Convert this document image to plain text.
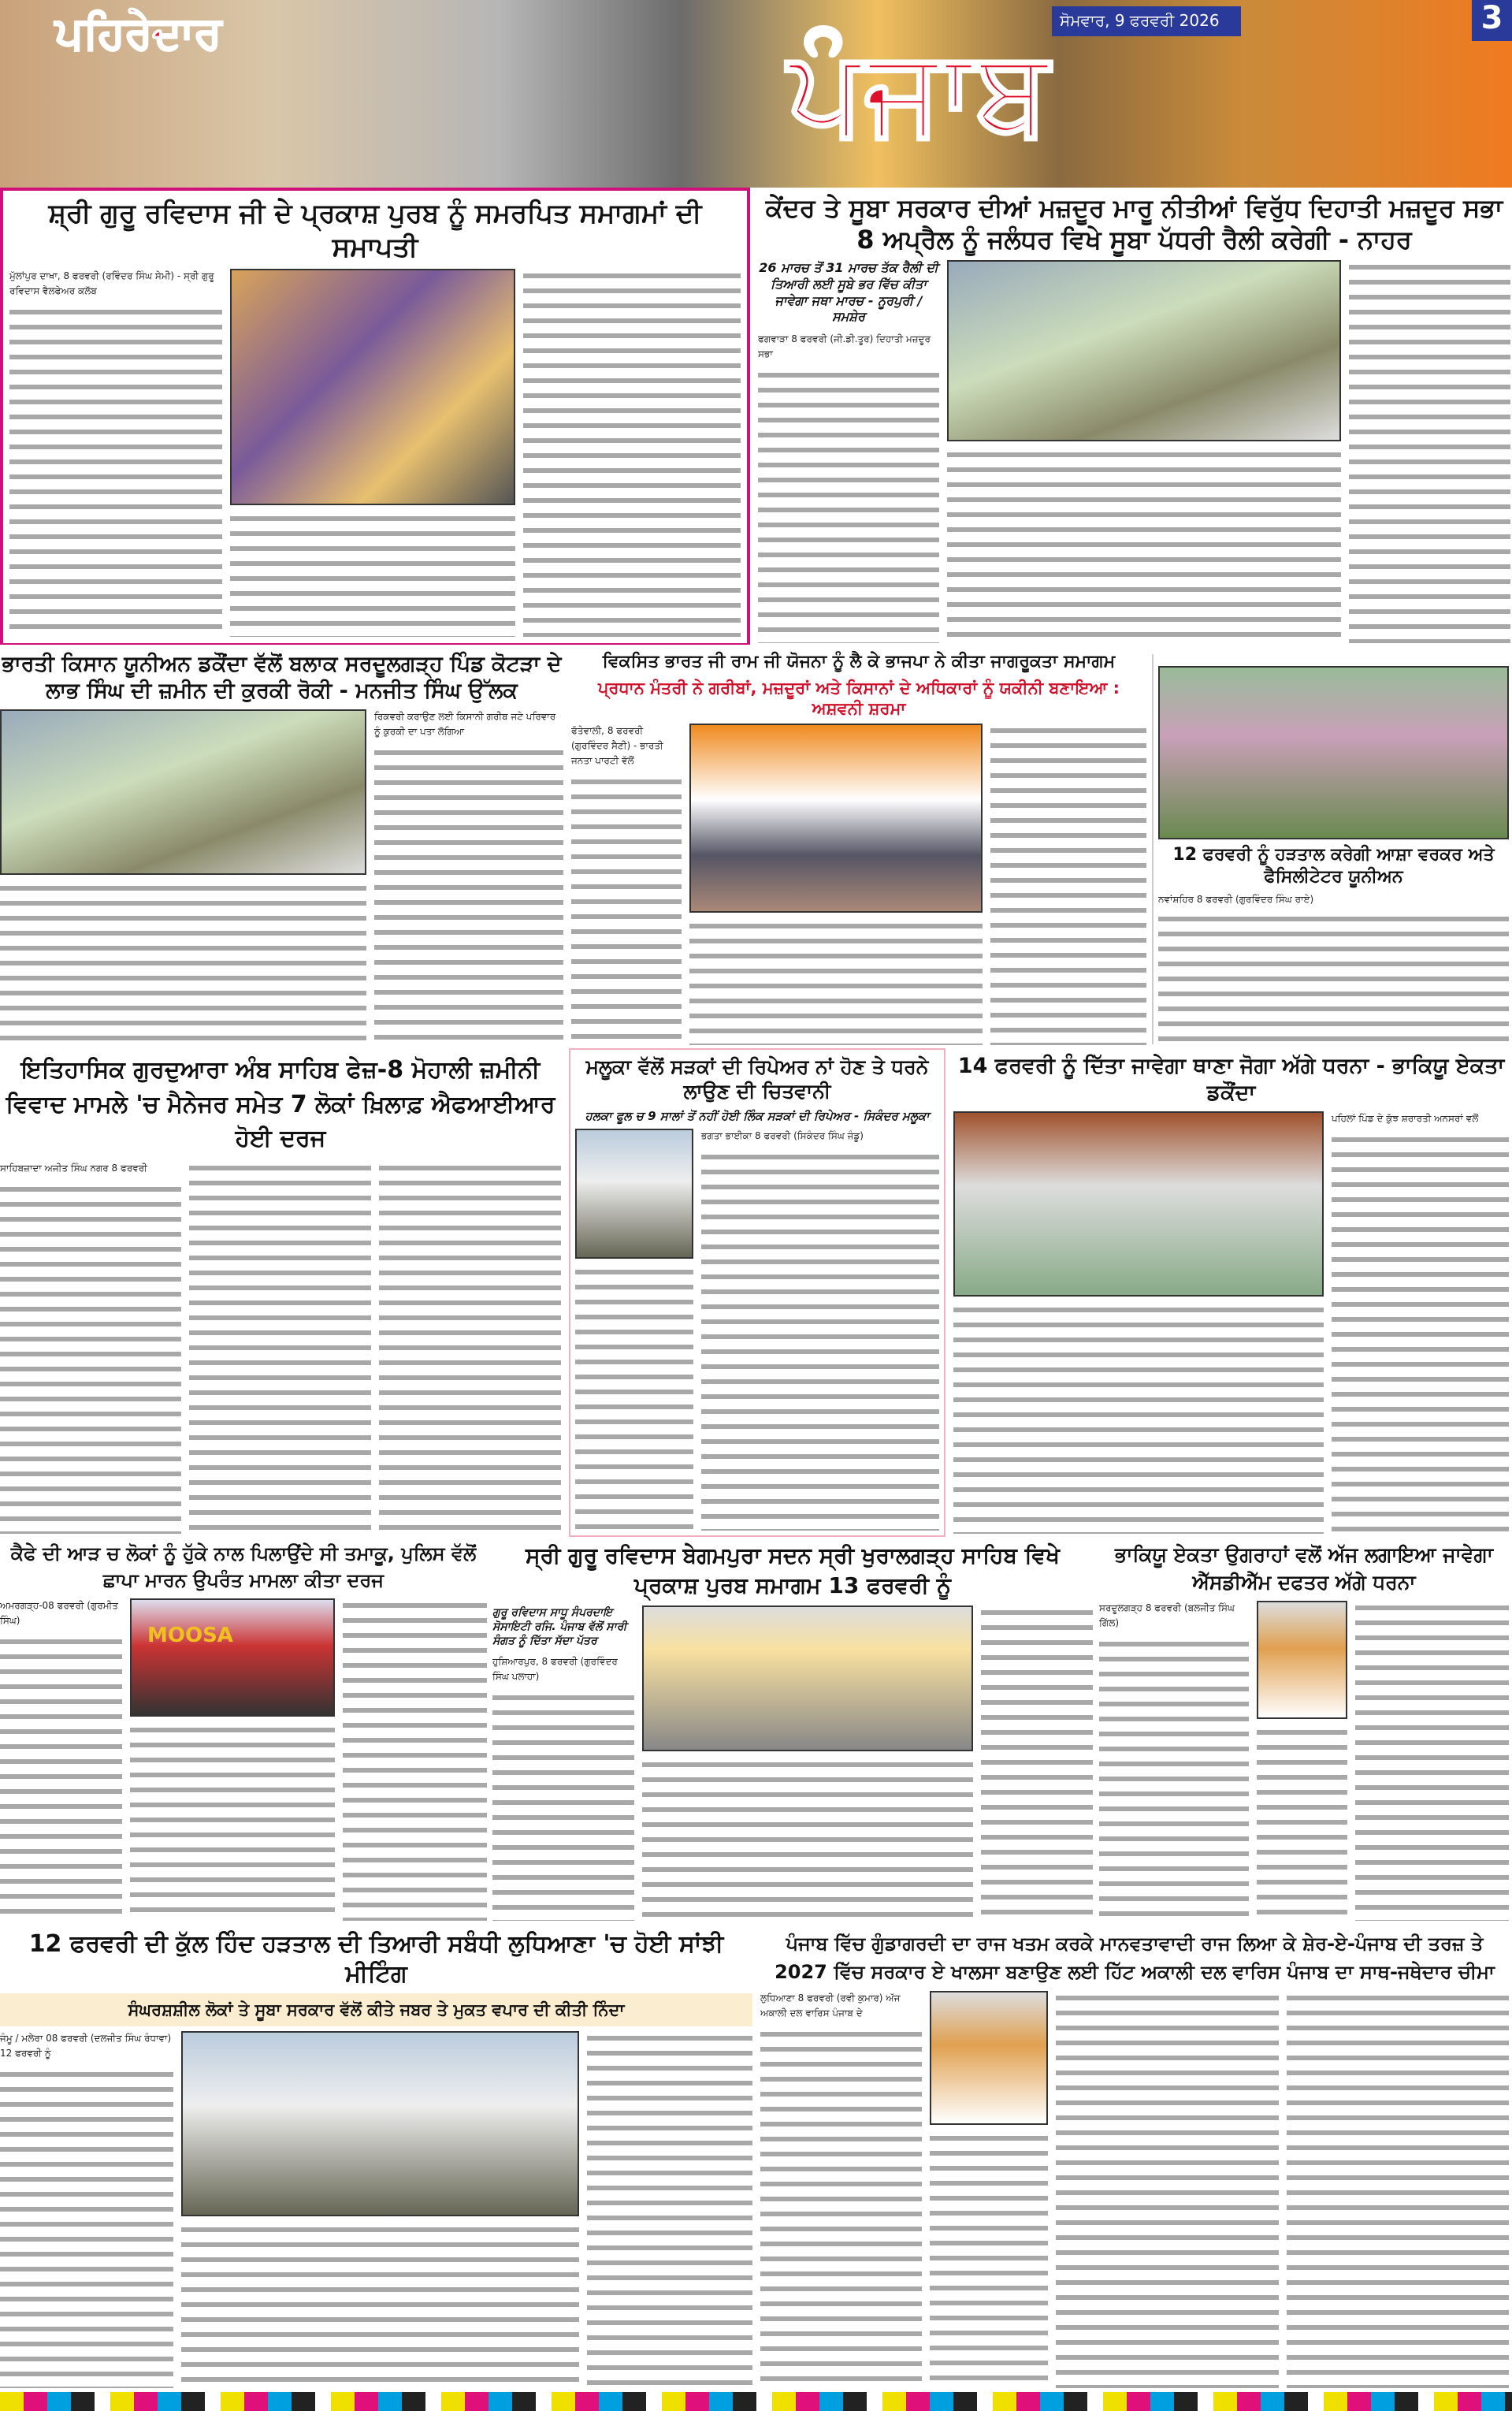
ਪਹਿਰੇਦਾਰ	ਪੰਜਾਬ
ਸੋਮਵਾਰ, 9 ਫਰਵਰੀ 2026	3
ਸ਼੍ਰੀ ਗੁਰੂ ਰਵਿਦਾਸ ਜੀ ਦੇ ਪ੍ਰਕਾਸ਼ ਪੁਰਬ ਨੂੰ ਸਮਰਪਿਤ ਸਮਾਗਮਾਂ ਦੀ ਸਮਾਪਤੀ
ਮੁੱਲਾਂਪੁਰ ਦਾਖਾ, 8 ਫਰਵਰੀ (ਰਵਿੰਦਰ ਸਿੰਘ ਸੇਮੀ) - ਸ੍ਰੀ ਗੁਰੂ ਰਵਿਦਾਸ ਵੈਲਫੇਅਰ ਕਲੱਬ
ਕੇਂਦਰ ਤੇ ਸੂਬਾ ਸਰਕਾਰ ਦੀਆਂ ਮਜ਼ਦੂਰ ਮਾਰੂ ਨੀਤੀਆਂ ਵਿਰੁੱਧ ਦਿਹਾਤੀ ਮਜ਼ਦੂਰ ਸਭਾ 8 ਅਪ੍ਰੈਲ ਨੂੰ ਜਲੰਧਰ ਵਿਖੇ ਸੂਬਾ ਪੱਧਰੀ ਰੈਲੀ ਕਰੇਗੀ - ਨਾਹਰ
26 ਮਾਰਚ ਤੋਂ 31 ਮਾਰਚ ਤੱਕ ਰੈਲੀ ਦੀ ਤਿਆਰੀ ਲਈ ਸੂਬੇ ਭਰ ਵਿੱਚ ਕੀਤਾ ਜਾਵੇਗਾ ਜਥਾ ਮਾਰਚ - ਨੂਰਪੁਰੀ / ਸਮਸ਼ੇਰ
ਫਗਵਾੜਾ 8 ਫਰਵਰੀ (ਜੀ.ਡੀ.ਤੂਰ) ਦਿਹਾਤੀ ਮਜ਼ਦੂਰ ਸਭਾ
ਭਾਰਤੀ ਕਿਸਾਨ ਯੂਨੀਅਨ ਡਕੌਂਦਾ ਵੱਲੋਂ ਬਲਾਕ ਸਰਦੂਲਗੜ੍ਹ ਪਿੰਡ ਕੋਟੜਾ ਦੇ ਲਾਭ ਸਿੰਘ ਦੀ ਜ਼ਮੀਨ ਦੀ ਕੁਰਕੀ ਰੋਕੀ - ਮਨਜੀਤ ਸਿੰਘ ਉੱਲਕ
ਰਿਕਵਰੀ ਕਰਾਉਣ ਲਈ ਕਿਸਾਨੀ ਗਰੀਬ ਜਟੇ ਪਰਿਵਾਰ ਨੂੰ ਕੁਰਕੀ ਦਾ ਪਤਾ ਲੱਗਿਆ
ਵਿਕਸਿਤ ਭਾਰਤ ਜੀ ਰਾਮ ਜੀ ਯੋਜਨਾ ਨੂੰ ਲੈ ਕੇ ਭਾਜਪਾ ਨੇ ਕੀਤਾ ਜਾਗਰੂਕਤਾ ਸਮਾਗਮ
ਪ੍ਰਧਾਨ ਮੰਤਰੀ ਨੇ ਗਰੀਬਾਂ, ਮਜ਼ਦੂਰਾਂ ਅਤੇ ਕਿਸਾਨਾਂ ਦੇ ਅਧਿਕਾਰਾਂ ਨੂੰ ਯਕੀਨੀ ਬਣਾਇਆ : ਅਸ਼ਵਨੀ ਸ਼ਰਮਾ
ਫੱਤੇਵਾਲੀ, 8 ਫਰਵਰੀ (ਗੁਰਵਿੰਦਰ ਸੈਣੀ) - ਭਾਰਤੀ ਜਨਤਾ ਪਾਰਟੀ ਵੱਲੋਂ
12 ਫਰਵਰੀ ਨੂੰ ਹੜਤਾਲ ਕਰੇਗੀ ਆਸ਼ਾ ਵਰਕਰ ਅਤੇ ਫੈਸਿਲੀਟੇਟਰ ਯੂਨੀਅਨ
ਨਵਾਂਸ਼ਹਿਰ 8 ਫਰਵਰੀ (ਗੁਰਵਿੰਦਰ ਸਿੰਘ ਰਾਏ)
ਇਤਿਹਾਸਿਕ ਗੁਰਦੁਆਰਾ ਅੰਬ ਸਾਹਿਬ ਫੇਜ਼-8 ਮੋਹਾਲੀ ਜ਼ਮੀਨੀ ਵਿਵਾਦ ਮਾਮਲੇ 'ਚ ਮੈਨੇਜਰ ਸਮੇਤ 7 ਲੋਕਾਂ ਖ਼ਿਲਾਫ਼ ਐਫਆਈਆਰ ਹੋਈ ਦਰਜ
ਸਾਹਿਬਜ਼ਾਦਾ ਅਜੀਤ ਸਿੰਘ ਨਗਰ 8 ਫਰਵਰੀ
ਮਲੂਕਾ ਵੱਲੋਂ ਸੜਕਾਂ ਦੀ ਰਿਪੇਅਰ ਨਾਂ ਹੋਣ ਤੇ ਧਰਨੇ ਲਾਉਣ ਦੀ ਚਿਤਵਾਨੀ
ਹਲਕਾ ਫੂਲ ਚ 9 ਸਾਲਾਂ ਤੋਂ ਨਹੀਂ ਹੋਈ ਲਿੰਕ ਸੜਕਾਂ ਦੀ ਰਿਪੇਅਰ - ਸਿਕੰਦਰ ਮਲੂਕਾ
ਭਗਤਾ ਭਾਈਕਾ 8 ਫਰਵਰੀ (ਸਿਕੰਦਰ ਸਿੰਘ ਜੰਡੂ)
14 ਫਰਵਰੀ ਨੂੰ ਦਿੱਤਾ ਜਾਵੇਗਾ ਥਾਣਾ ਜੋਗਾ ਅੱਗੇ ਧਰਨਾ - ਭਾਕਿਯੂ ਏਕਤਾ ਡਕੌਂਦਾ
ਪਹਿਲਾਂ ਪਿੰਡ ਦੇ ਕੁੱਝ ਸ਼ਰਾਰਤੀ ਅਨਸਰਾਂ ਵਲੋਂ
ਕੈਫੇ ਦੀ ਆੜ ਚ ਲੋਕਾਂ ਨੂੰ ਹੁੱਕੇ ਨਾਲ ਪਿਲਾਉਂਦੇ ਸੀ ਤਮਾਕੂ, ਪੁਲਿਸ ਵੱਲੋਂ ਛਾਪਾ ਮਾਰਨ ਉਪਰੰਤ ਮਾਮਲਾ ਕੀਤਾ ਦਰਜ
ਅਮਰਗੜ੍ਹ-08 ਫਰਵਰੀ (ਗੁਰਮੀਤ ਸਿੰਘ)
MOOSA
ਸ੍ਰੀ ਗੁਰੂ ਰਵਿਦਾਸ ਬੇਗਮਪੁਰਾ ਸਦਨ ਸ੍ਰੀ ਖੁਰਾਲਗੜ੍ਹ ਸਾਹਿਬ ਵਿਖੇ ਪ੍ਰਕਾਸ਼ ਪੁਰਬ ਸਮਾਗਮ 13 ਫਰਵਰੀ ਨੂੰ
ਗੁਰੂ ਰਵਿਦਾਸ ਸਾਧੂ ਸੰਪਰਦਾਇ ਸੋਸਾਇਟੀ ਰਜਿ. ਪੰਜਾਬ ਵੱਲੋਂ ਸਾਰੀ ਸੰਗਤ ਨੂੰ ਦਿੱਤਾ ਸੱਦਾ ਪੱਤਰ
ਹੁਸ਼ਿਆਰਪੁਰ, 8 ਫਰਵਰੀ (ਗੁਰਵਿੰਦਰ ਸਿੰਘ ਪਲਾਹਾ)
ਭਾਕਿਯੂ ਏਕਤਾ ਉਗਰਾਹਾਂ ਵਲੋਂ ਅੱਜ ਲਗਾਇਆ ਜਾਵੇਗਾ ਐੱਸਡੀਐੱਮ ਦਫਤਰ ਅੱਗੇ ਧਰਨਾ
ਸਰਦੂਲਗੜ੍ਹ 8 ਫਰਵਰੀ (ਬਲਜੀਤ ਸਿੰਘ ਗਿੱਲ)
12 ਫਰਵਰੀ ਦੀ ਕੁੱਲ ਹਿੰਦ ਹੜਤਾਲ ਦੀ ਤਿਆਰੀ ਸਬੰਧੀ ਲੁਧਿਆਣਾ 'ਚ ਹੋਈ ਸਾਂਝੀ ਮੀਟਿੰਗ
ਸੰਘਰਸ਼ਸ਼ੀਲ ਲੋਕਾਂ ਤੇ ਸੂਬਾ ਸਰਕਾਰ ਵੱਲੋਂ ਕੀਤੇ ਜਬਰ ਤੇ ਮੁਕਤ ਵਪਾਰ ਦੀ ਕੀਤੀ ਨਿੰਦਾ
ਜੰਮੂ / ਮਲੇਰਾ 08 ਫਰਵਰੀ (ਦਲਜੀਤ ਸਿੰਘ ਰੰਧਾਵਾ) 12 ਫਰਵਰੀ ਨੂੰ
ਪੰਜਾਬ ਵਿੱਚ ਗੁੰਡਾਗਰਦੀ ਦਾ ਰਾਜ ਖਤਮ ਕਰਕੇ ਮਾਨਵਤਾਵਾਦੀ ਰਾਜ ਲਿਆ ਕੇ ਸ਼ੇਰ-ਏ-ਪੰਜਾਬ ਦੀ ਤਰਜ਼ ਤੇ 2027 ਵਿੱਚ ਸਰਕਾਰ ਏ ਖਾਲਸਾ ਬਣਾਉਣ ਲਈ ਹਿੱਟ ਅਕਾਲੀ ਦਲ ਵਾਰਿਸ ਪੰਜਾਬ ਦਾ ਸਾਥ-ਜਥੇਦਾਰ ਚੀਮਾ
ਲੁਧਿਆਣਾ 8 ਫਰਵਰੀ (ਰਵੀ ਕੁਮਾਰ) ਅੱਜ ਅਕਾਲੀ ਦਲ ਵਾਰਿਸ ਪੰਜਾਬ ਦੇ
